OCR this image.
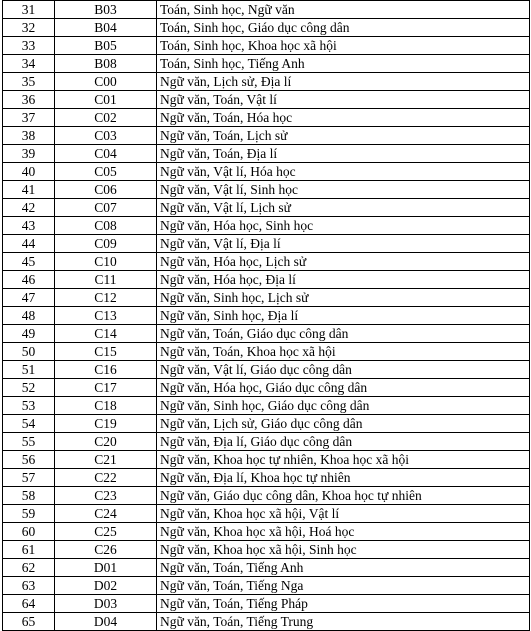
31	B03	Toán, Sinh học, Ngữ văn
32	B04	Toán, Sinh học, Giáo dục công dân
33	B05	Toán, Sinh học, Khoa học xã hội
34	B08	Toán, Sinh học, Tiếng Anh
35	C00	Ngữ văn, Lịch sử, Địa lí
36	C01	Ngữ văn, Toán, Vật lí
37	C02	Ngữ văn, Toán, Hóa học
38	C03	Ngữ văn, Toán, Lịch sử
39	C04	Ngữ văn, Toán, Địa lí
40	C05	Ngữ văn, Vật lí, Hóa học
41	C06	Ngữ văn, Vật lí, Sinh học
42	C07	Ngữ văn, Vật lí, Lịch sử
43	C08	Ngữ văn, Hóa học, Sinh học
44	C09	Ngữ văn, Vật lí, Địa lí
45	C10	Ngữ văn, Hóa học, Lịch sử
46	C11	Ngữ văn, Hóa học, Địa lí
47	C12	Ngữ văn, Sinh học, Lịch sử
48	C13	Ngữ văn, Sinh học, Địa lí
49	C14	Ngữ văn, Toán, Giáo dục công dân
50	C15	Ngữ văn, Toán, Khoa học xã hội
51	C16	Ngữ văn, Vật lí, Giáo dục công dân
52	C17	Ngữ văn, Hóa học, Giáo dục công dân
53	C18	Ngữ văn, Sinh học, Giáo dục công dân
54	C19	Ngữ văn, Lịch sử, Giáo dục công dân
55	C20	Ngữ văn, Địa lí, Giáo dục công dân
56	C21	Ngữ văn, Khoa học tự nhiên, Khoa học xã hội
57	C22	Ngữ văn, Địa lí, Khoa học tự nhiên
58	C23	Ngữ văn, Giáo dục công dân, Khoa học tự nhiên
59	C24	Ngữ văn, Khoa học xã hội, Vật lí
60	C25	Ngữ văn, Khoa học xã hội, Hoá học
61	C26	Ngữ văn, Khoa học xã hội, Sinh học
62	D01	Ngữ văn, Toán, Tiếng Anh
63	D02	Ngữ văn, Toán, Tiếng Nga
64	D03	Ngữ văn, Toán, Tiếng Pháp
65	D04	Ngữ văn, Toán, Tiếng Trung
